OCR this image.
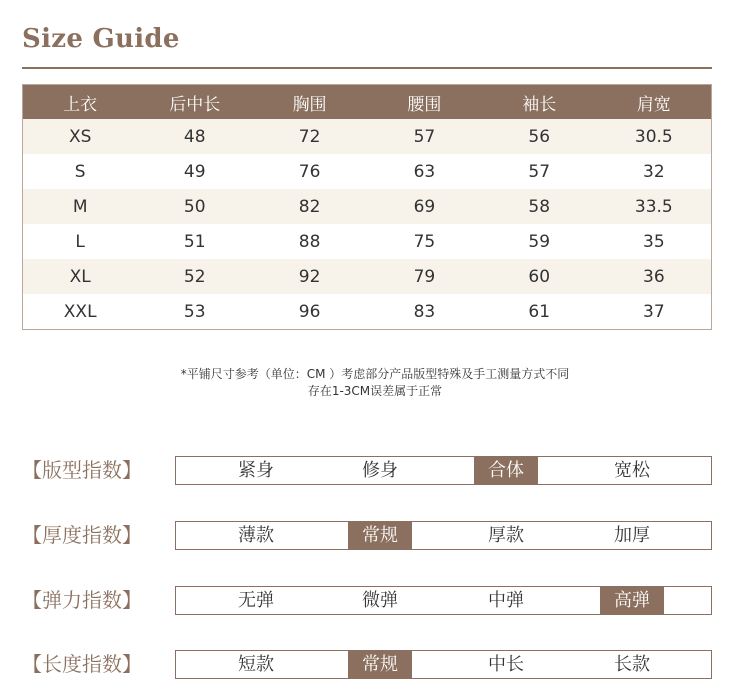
Size Guide
上衣	后中长	胸围	腰围	袖长	肩宽
XS	48	72	57	56	30.5
S	49	76	63	57	32
M	50	82	69	58	33.5
L	51	88	75	59	35
XL	52	92	79	60	36
XXL	53	96	83	61	37
*平铺尺寸参考（单位：CM ）考虑部分产品版型特殊及手工测量方式不同
存在1-3CM误差属于正常
【版型指数】	紧身	修身	合体	宽松
【厚度指数】	薄款	常规	厚款	加厚
【弹力指数】	无弹	微弹	中弹	高弹
【长度指数】	短款	常规	中长	长款
